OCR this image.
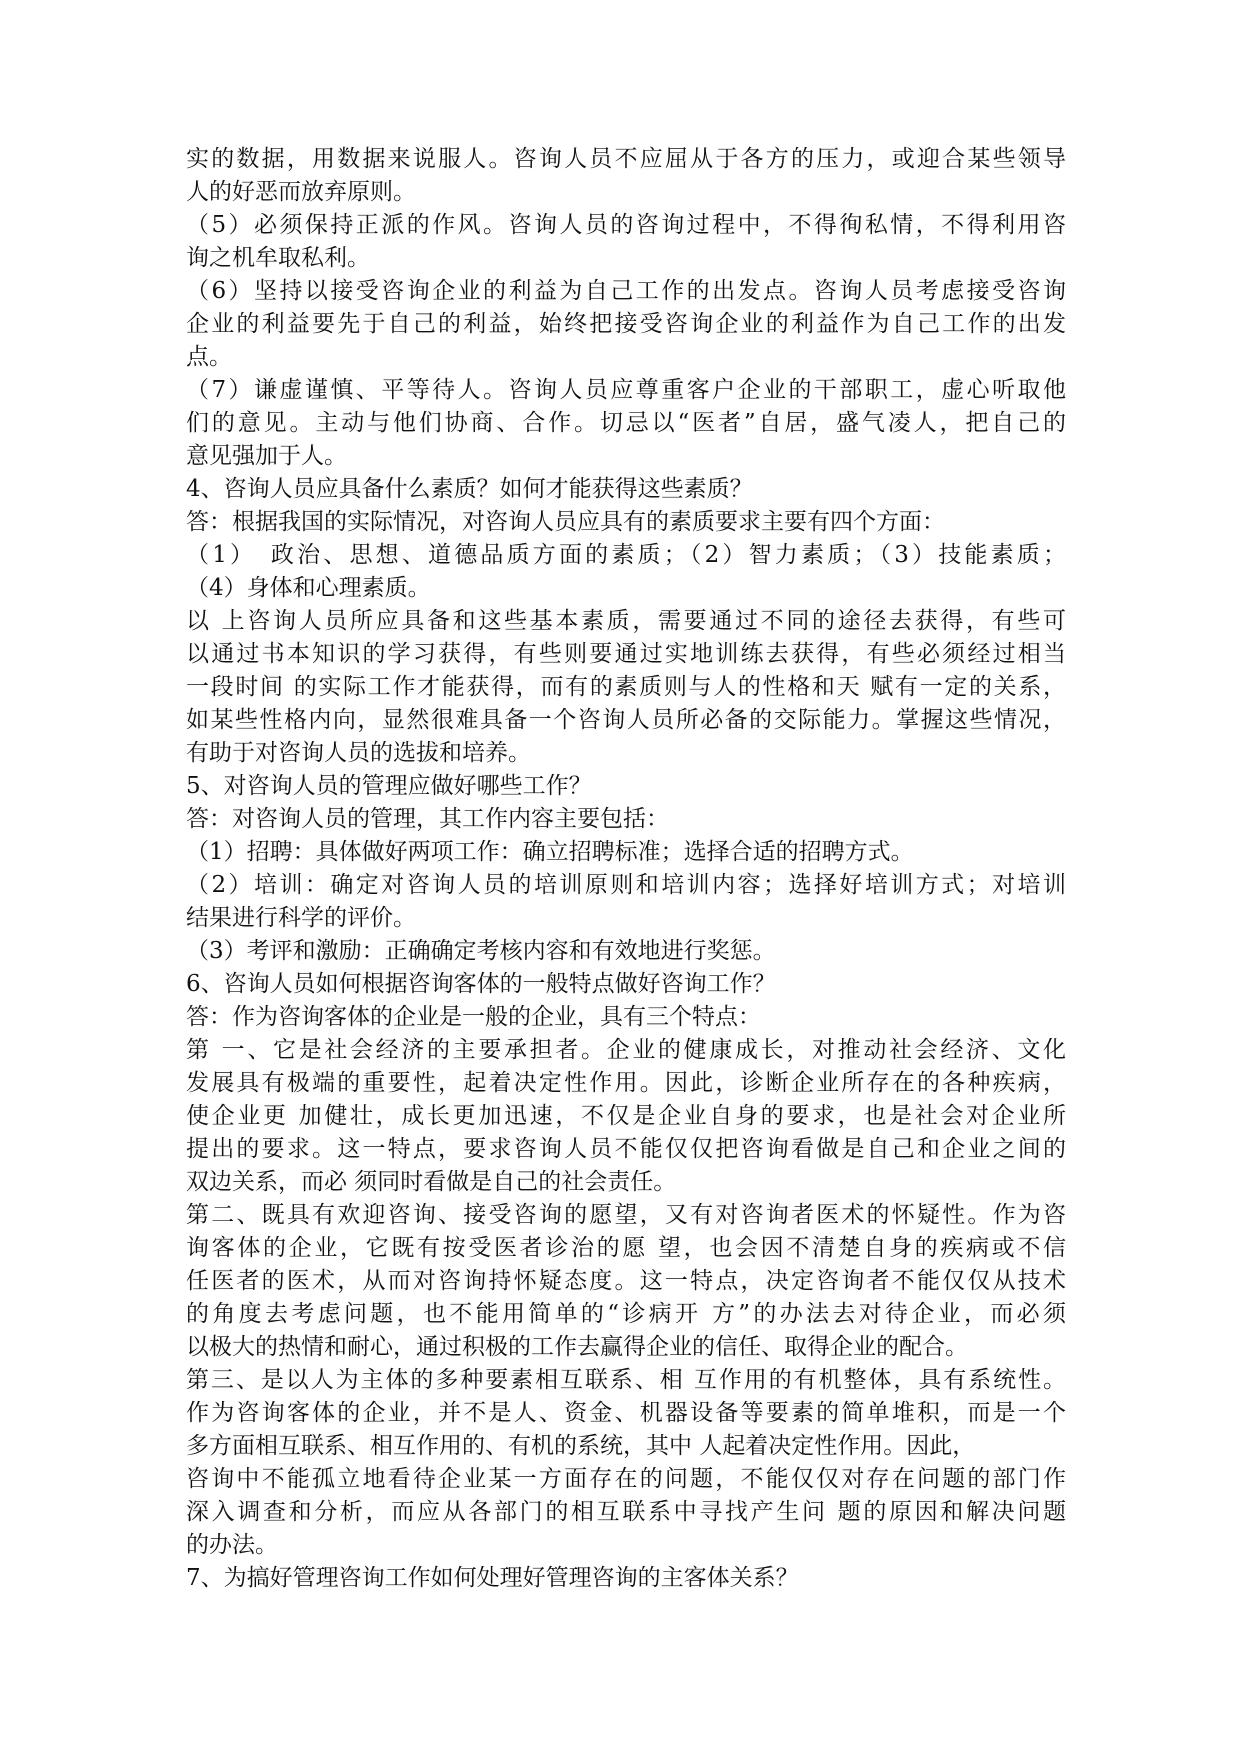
实的数据，用数据来说服人。咨询人员不应屈从于各方的压力，或迎合某些领导
人的好恶而放弃原则。
（5）必须保持正派的作风。咨询人员的咨询过程中，不得徇私情，不得利用咨
询之机牟取私利。
（6）坚持以接受咨询企业的利益为自己工作的出发点。咨询人员考虑接受咨询
企业的利益要先于自己的利益，始终把接受咨询企业的利益作为自己工作的出发
点。
（7）谦虚谨慎、平等待人。咨询人员应尊重客户企业的干部职工，虚心听取他
们的意见。主动与他们协商、合作。切忌以“医者”自居，盛气凌人，把自己的
意见强加于人。
4、咨询人员应具备什么素质？如何才能获得这些素质？
答：根据我国的实际情况，对咨询人员应具有的素质要求主要有四个方面：
（1）　政治、思想、道德品质方面的素质；（2）智力素质；（3）技能素质；
（4）身体和心理素质。
以 上咨询人员所应具备和这些基本素质，需要通过不同的途径去获得，有些可
以通过书本知识的学习获得，有些则要通过实地训练去获得，有些必须经过相当
一段时间 的实际工作才能获得，而有的素质则与人的性格和天 赋有一定的关系，
如某些性格内向，显然很难具备一个咨询人员所必备的交际能力。掌握这些情况，
有助于对咨询人员的选拔和培养。
5、对咨询人员的管理应做好哪些工作？
答：对咨询人员的管理，其工作内容主要包括：
（1）招聘：具体做好两项工作：确立招聘标准；选择合适的招聘方式。
（2）培训：确定对咨询人员的培训原则和培训内容；选择好培训方式；对培训
结果进行科学的评价。
（3）考评和激励：正确确定考核内容和有效地进行奖惩。
6、咨询人员如何根据咨询客体的一般特点做好咨询工作？
答：作为咨询客体的企业是一般的企业，具有三个特点：
第 一、它是社会经济的主要承担者。企业的健康成长，对推动社会经济、文化
发展具有极端的重要性，起着决定性作用。因此，诊断企业所存在的各种疾病，
使企业更 加健壮，成长更加迅速，不仅是企业自身的要求，也是社会对企业所
提出的要求。这一特点，要求咨询人员不能仅仅把咨询看做是自己和企业之间的
双边关系，而必 须同时看做是自己的社会责任。
第二、既具有欢迎咨询、接受咨询的愿望，又有对咨询者医术的怀疑性。作为咨
询客体的企业，它既有按受医者诊治的愿 望，也会因不清楚自身的疾病或不信
任医者的医术，从而对咨询持怀疑态度。这一特点，决定咨询者不能仅仅从技术
的角度去考虑问题，也不能用简单的“诊病开 方”的办法去对待企业，而必须
以极大的热情和耐心，通过积极的工作去赢得企业的信任、取得企业的配合。
第三、是以人为主体的多种要素相互联系、相 互作用的有机整体，具有系统性。
作为咨询客体的企业，并不是人、资金、机器设备等要素的简单堆积，而是一个
多方面相互联系、相互作用的、有机的系统，其中 人起着决定性作用。因此，
咨询中不能孤立地看待企业某一方面存在的问题，不能仅仅对存在问题的部门作
深入调查和分析，而应从各部门的相互联系中寻找产生问 题的原因和解决问题
的办法。
7、为搞好管理咨询工作如何处理好管理咨询的主客体关系？
